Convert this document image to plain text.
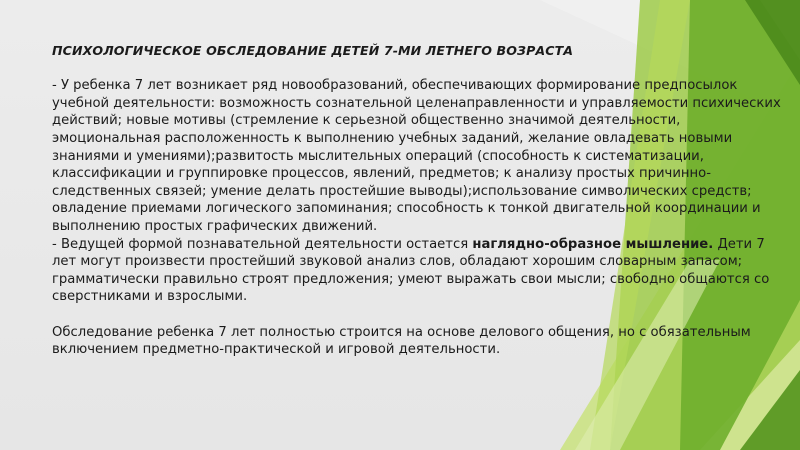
ПСИХОЛОГИЧЕСКОЕ ОБСЛЕДОВАНИЕ ДЕТЕЙ 7-МИ ЛЕТНЕГО ВОЗРАСТА

- У ребенка 7 лет возникает ряд новообразований, обеспечивающих формирование предпосылок учебной деятельности: возможность сознательной целенаправленности и управляемости психических действий; новые мотивы (стремление к серьезной общественно значимой деятельности, эмоциональная расположенность к выполнению учебных заданий, желание овладевать новыми знаниями и умениями);развитость мыслительных операций (способность к систематизации, классификации и группировке процессов, явлений, предметов; к анализу простых причинно-следственных связей; умение делать простейшие выводы);использование символических средств; овладение приемами логического запоминания; способность к тонкой двигательной координации и выполнению простых графических движений.

- Ведущей формой познавательной деятельности остается наглядно-образное мышление. Дети 7 лет могут произвести простейший звуковой анализ слов, обладают хорошим словарным запасом; грамматически правильно строят предложения; умеют выражать свои мысли; свободно общаются со сверстниками и взрослыми.

Обследование ребенка 7 лет полностью строится на основе делового общения, но с обязательным включением предметно-практической и игровой деятельности.
